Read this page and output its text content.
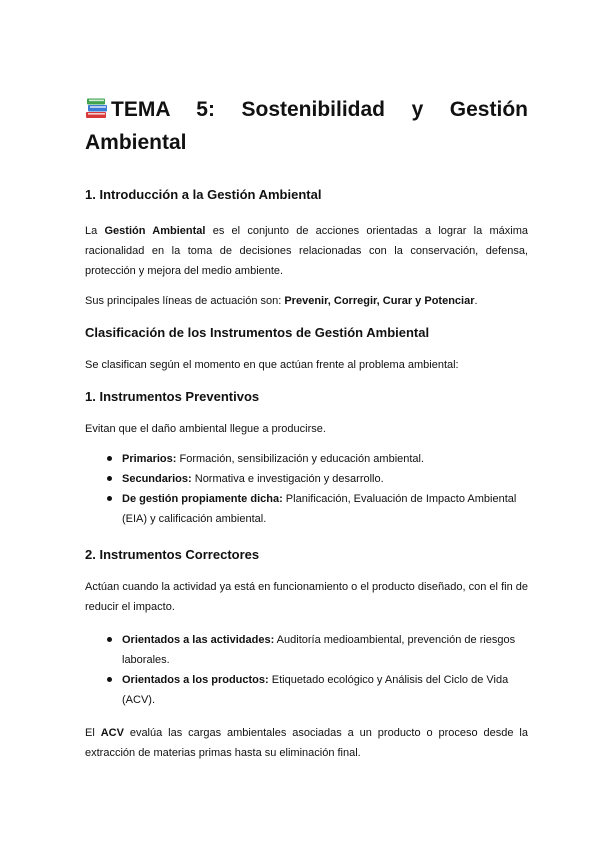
TEMA 5: Sostenibilidad y Gestión
Ambiental
1. Introducción a la Gestión Ambiental

La Gestión Ambiental es el conjunto de acciones orientadas a lograr la máxima racionalidad en la toma de decisiones relacionadas con la conservación, defensa, protección y mejora del medio ambiente.

Sus principales líneas de actuación son: Prevenir, Corregir, Curar y Potenciar.

Clasificación de los Instrumentos de Gestión Ambiental

Se clasifican según el momento en que actúan frente al problema ambiental:

1. Instrumentos Preventivos

Evitan que el daño ambiental llegue a producirse.

Primarios: Formación, sensibilización y educación ambiental.
Secundarios: Normativa e investigación y desarrollo.
De gestión propiamente dicha: Planificación, Evaluación de Impacto Ambiental (EIA) y calificación ambiental.
2. Instrumentos Correctores

Actúan cuando la actividad ya está en funcionamiento o el producto diseñado, con el fin de reducir el impacto.

Orientados a las actividades: Auditoría medioambiental, prevención de riesgos laborales.
Orientados a los productos: Etiquetado ecológico y Análisis del Ciclo de Vida (ACV).

El ACV evalúa las cargas ambientales asociadas a un producto o proceso desde la extracción de materias primas hasta su eliminación final.
